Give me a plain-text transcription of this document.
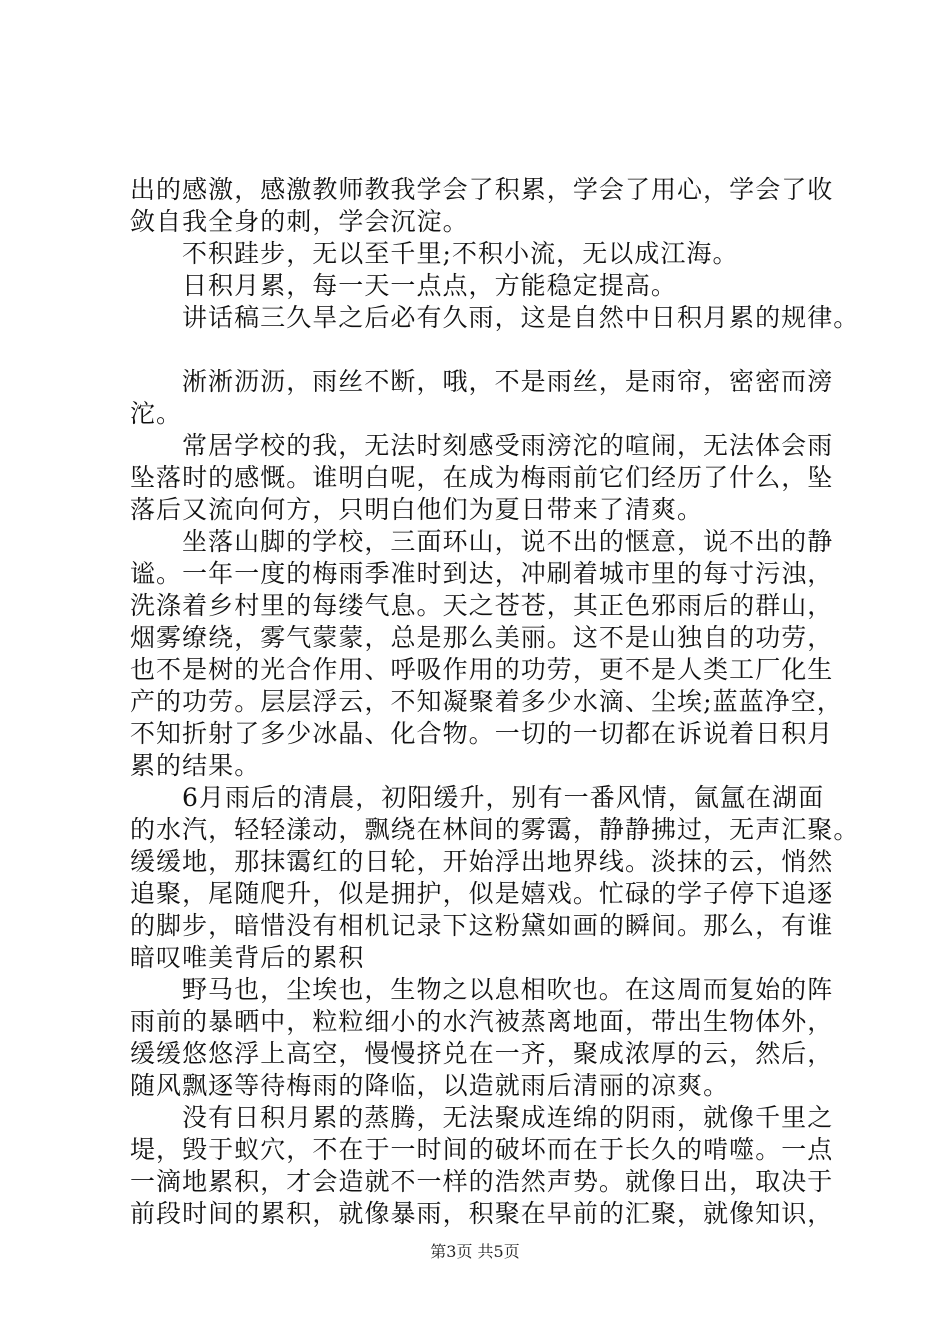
出的感激，感激教师教我学会了积累，学会了用心，学会了收
敛自我全身的刺，学会沉淀。
不积跬步，无以至千里;不积小流，无以成江海。
日积月累，每一天一点点，方能稳定提高。
讲话稿三久旱之后必有久雨，这是自然中日积月累的规律。
淅淅沥沥，雨丝不断，哦，不是雨丝，是雨帘，密密而滂
沱。
常居学校的我，无法时刻感受雨滂沱的喧闹，无法体会雨
坠落时的感慨。谁明白呢，在成为梅雨前它们经历了什么，坠
落后又流向何方，只明白他们为夏日带来了清爽。
坐落山脚的学校，三面环山，说不出的惬意，说不出的静
谧。一年一度的梅雨季准时到达，冲刷着城市里的每寸污浊，
洗涤着乡村里的每缕气息。天之苍苍，其正色邪雨后的群山，
烟雾缭绕，雾气蒙蒙，总是那么美丽。这不是山独自的功劳，
也不是树的光合作用、呼吸作用的功劳，更不是人类工厂化生
产的功劳。层层浮云，不知凝聚着多少水滴、尘埃;蓝蓝净空，
不知折射了多少冰晶、化合物。一切的一切都在诉说着日积月
累的结果。
6月雨后的清晨，初阳缓升，别有一番风情，氤氲在湖面
的水汽，轻轻漾动，飘绕在林间的雾霭，静静拂过，无声汇聚。
缓缓地，那抹霭红的日轮，开始浮出地界线。淡抹的云，悄然
追聚，尾随爬升，似是拥护，似是嬉戏。忙碌的学子停下追逐
的脚步，暗惜没有相机记录下这粉黛如画的瞬间。那么，有谁
暗叹唯美背后的累积
野马也，尘埃也，生物之以息相吹也。在这周而复始的阵
雨前的暴晒中，粒粒细小的水汽被蒸离地面，带出生物体外，
缓缓悠悠浮上高空，慢慢挤兑在一齐，聚成浓厚的云，然后，
随风飘逐等待梅雨的降临，以造就雨后清丽的凉爽。
没有日积月累的蒸腾，无法聚成连绵的阴雨，就像千里之
堤，毁于蚁穴，不在于一时间的破坏而在于长久的啃噬。一点
一滴地累积，才会造就不一样的浩然声势。就像日出，取决于
前段时间的累积，就像暴雨，积聚在早前的汇聚，就像知识，
第3页 共5页
